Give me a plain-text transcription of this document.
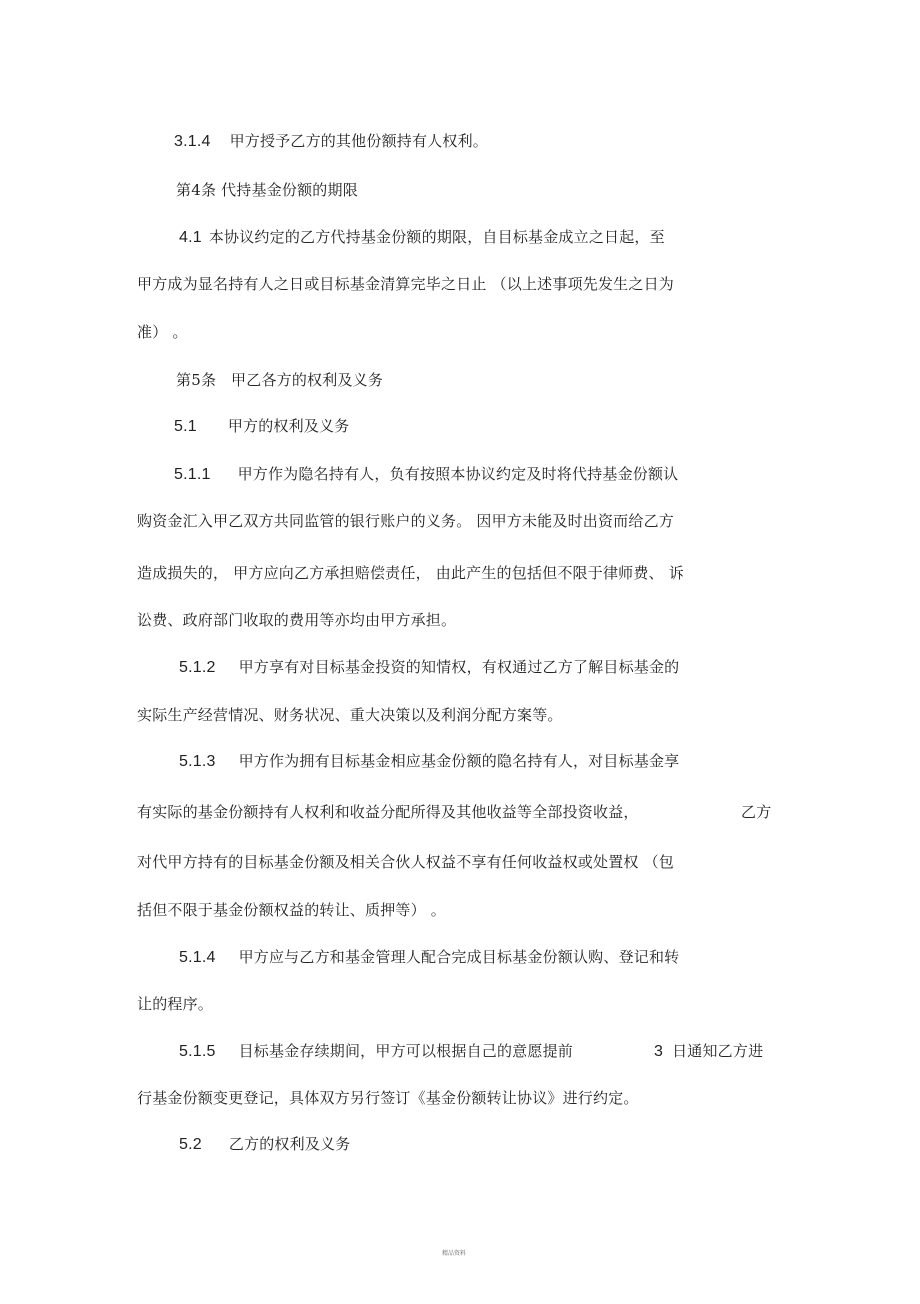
3.1.4 甲方授予乙方的其他份额持有人权利。
第4条 代持基金份额的期限
4.1 本协议约定的乙方代持基金份额的期限，自目标基金成立之日起，至
甲方成为显名持有人之日或目标基金清算完毕之日止 （以上述事项先发生之日为
准） 。
第5条   甲乙各方的权利及义务
5.1 甲方的权利及义务
5.1.1 甲方作为隐名持有人，负有按照本协议约定及时将代持基金份额认
购资金汇入甲乙双方共同监管的银行账户的义务。 因甲方未能及时出资而给乙方
造成损失的， 甲方应向乙方承担赔偿责任， 由此产生的包括但不限于律师费、 诉
讼费、政府部门收取的费用等亦均由甲方承担。
5.1.2 甲方享有对目标基金投资的知情权，有权通过乙方了解目标基金的
实际生产经营情况、财务状况、重大决策以及利润分配方案等。
5.1.3 甲方作为拥有目标基金相应基金份额的隐名持有人，对目标基金享
有实际的基金份额持有人权利和收益分配所得及其他收益等全部投资收益，	乙方
对代甲方持有的目标基金份额及相关合伙人权益不享有任何收益权或处置权 （包
括但不限于基金份额权益的转让、质押等） 。
5.1.4 甲方应与乙方和基金管理人配合完成目标基金份额认购、登记和转
让的程序。
5.1.5 目标基金存续期间，甲方可以根据自己的意愿提前	3 日通知乙方进
行基金份额变更登记，具体双方另行签订《基金份额转让协议》进行约定。
5.2 乙方的权利及义务
精品资料
